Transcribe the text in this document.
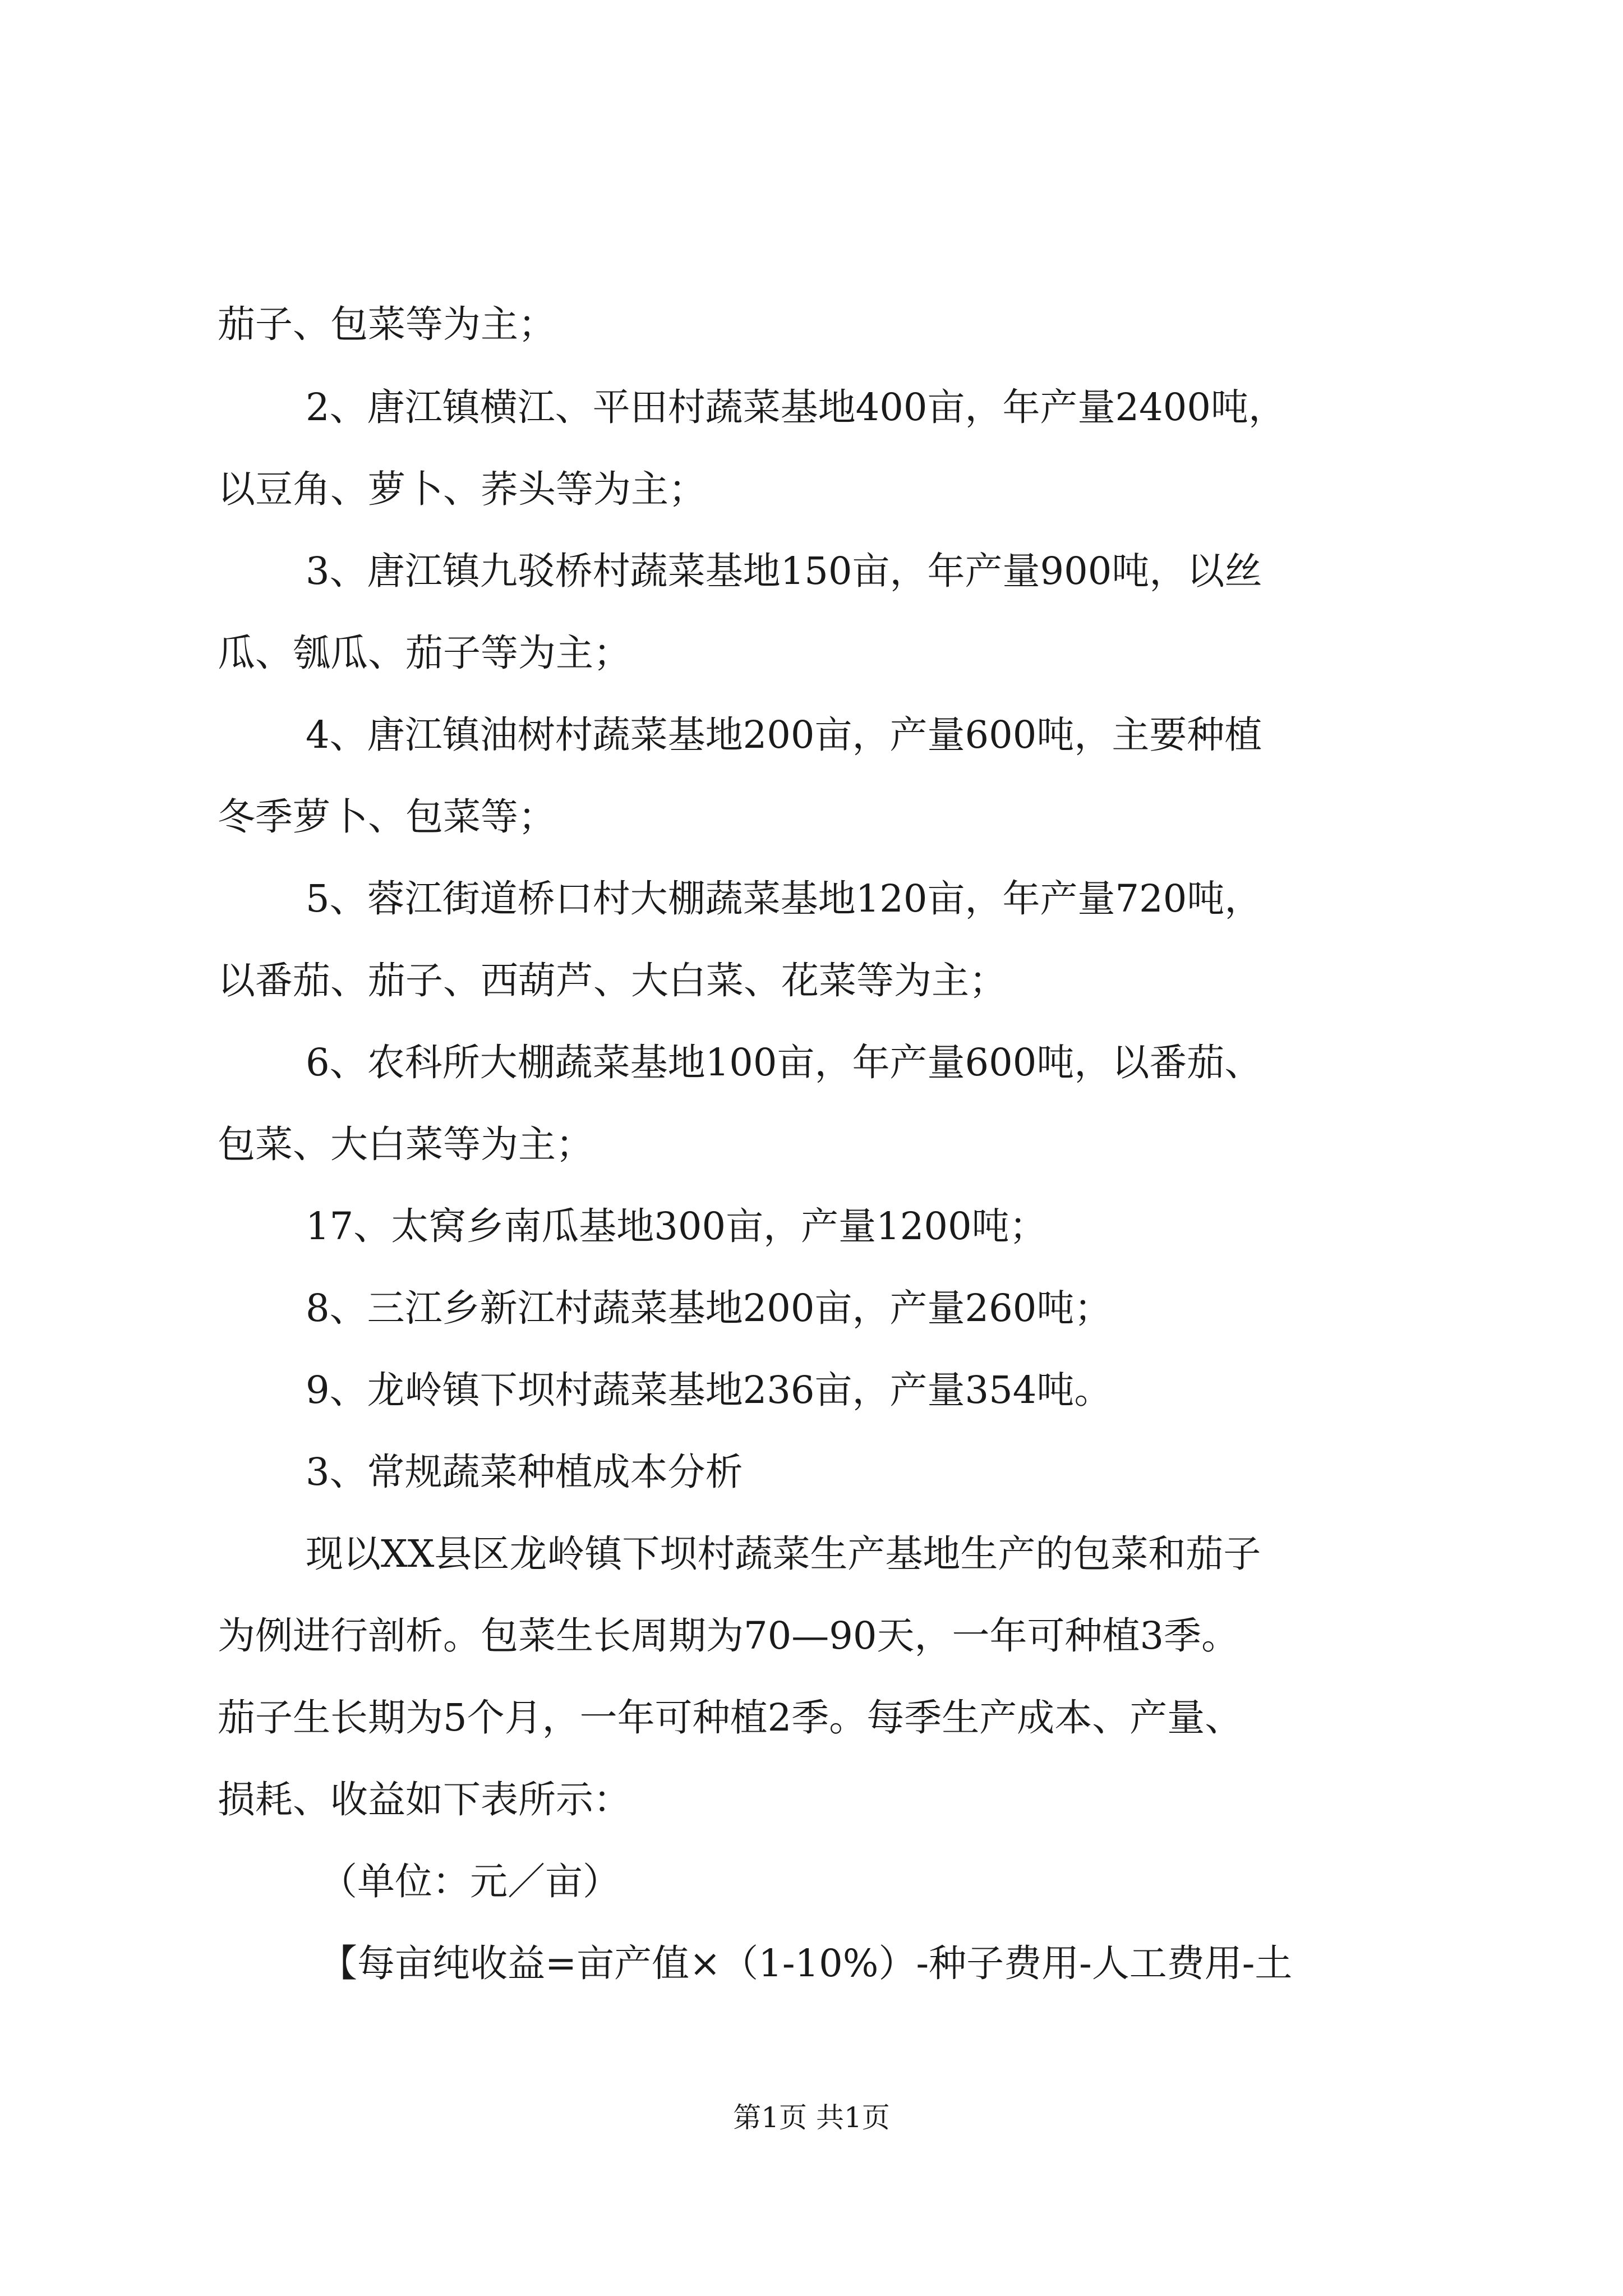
茄子、包菜等为主；
2、唐江镇横江、平田村蔬菜基地400亩，年产量2400吨，
以豆角、萝卜、荞头等为主；
3、唐江镇九驳桥村蔬菜基地150亩，年产量900吨，以丝
瓜、瓠瓜、茄子等为主；
4、唐江镇油树村蔬菜基地200亩，产量600吨，主要种植
冬季萝卜、包菜等；
5、蓉江街道桥口村大棚蔬菜基地120亩，年产量720吨，
以番茄、茄子、西葫芦、大白菜、花菜等为主；
6、农科所大棚蔬菜基地100亩，年产量600吨，以番茄、
包菜、大白菜等为主；
17、太窝乡南瓜基地300亩，产量1200吨；
8、三江乡新江村蔬菜基地200亩，产量260吨；
9、龙岭镇下坝村蔬菜基地236亩，产量354吨。
3、常规蔬菜种植成本分析
现以XX县区龙岭镇下坝村蔬菜生产基地生产的包菜和茄子
为例进行剖析。包菜生长周期为70—90天，一年可种植3季。
茄子生长期为5个月，一年可种植2季。每季生产成本、产量、
损耗、收益如下表所示：
（单位：元／亩）
【每亩纯收益=亩产值×（1-10%）-种子费用-人工费用-土
第1页 共1页
